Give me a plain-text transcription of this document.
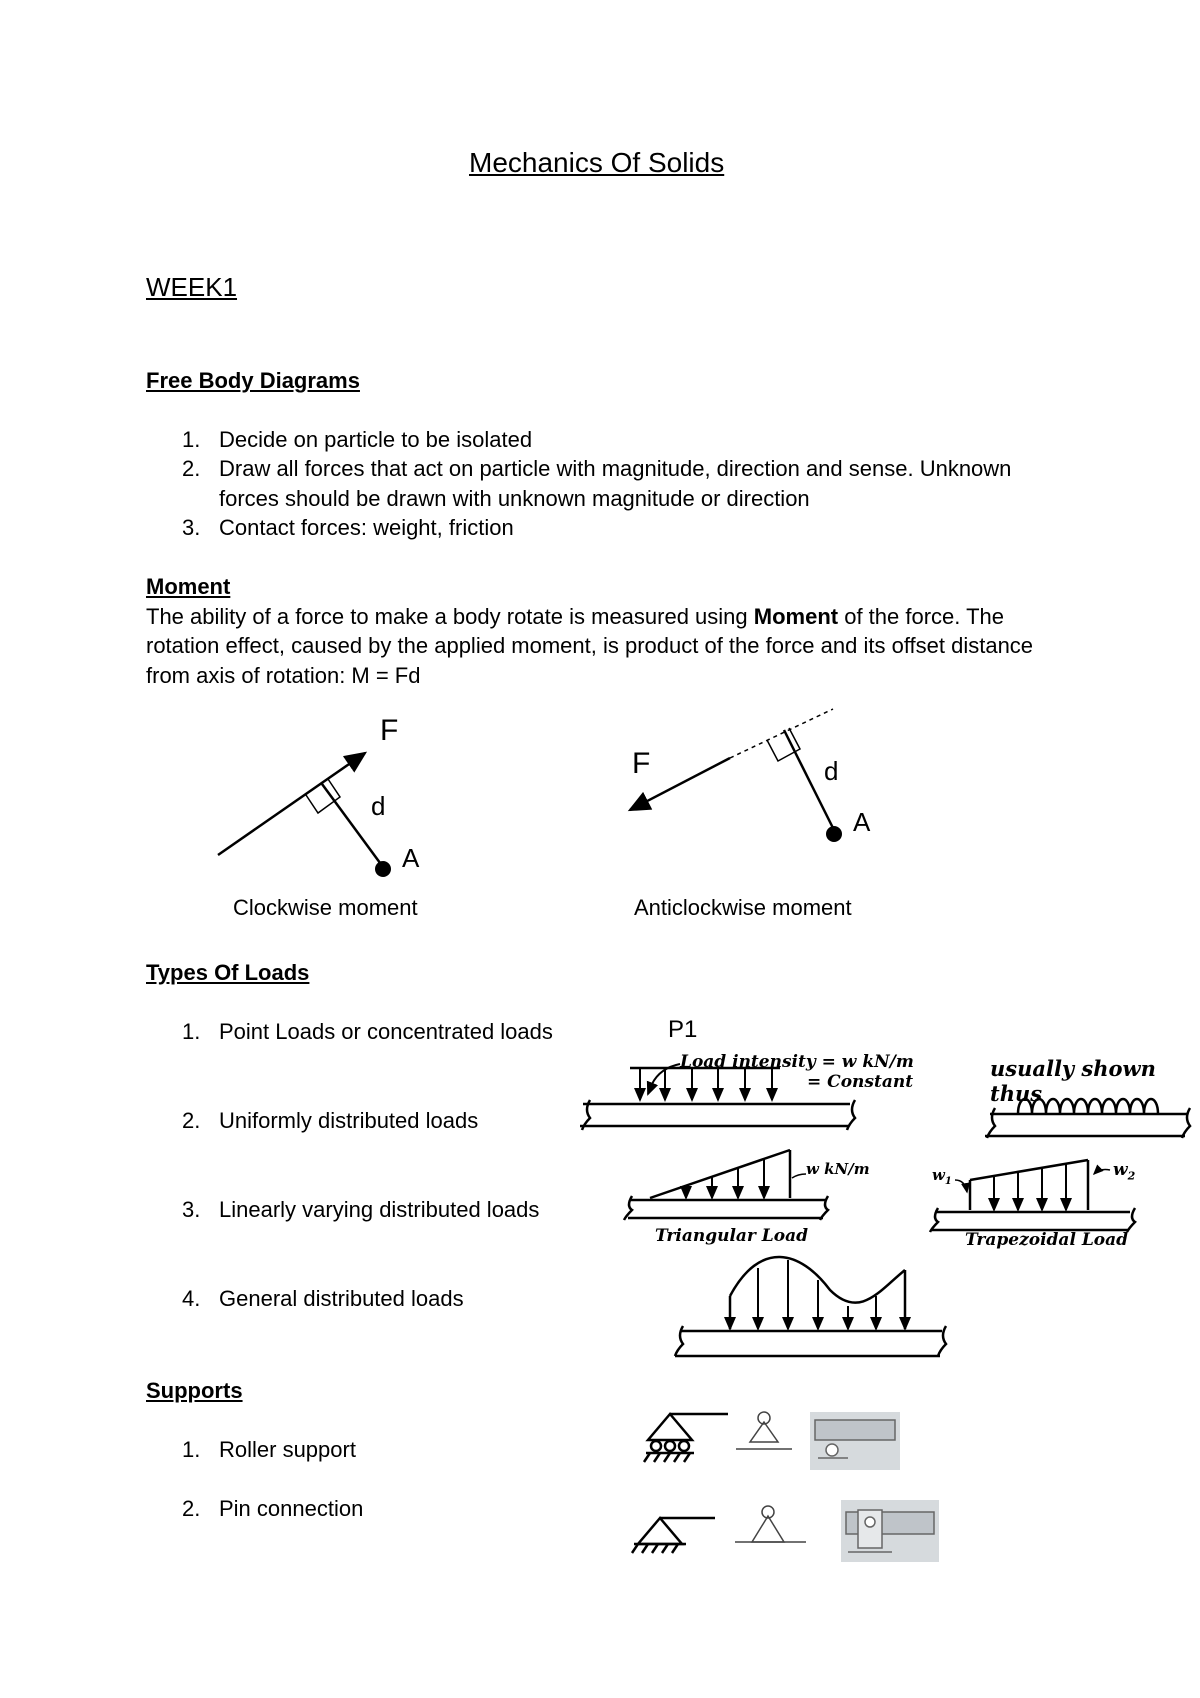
Mechanics Of Solids
WEEK1
Free Body Diagrams
1. Decide on particle to be isolated
2. Draw all forces that act on particle with magnitude, direction and sense. Unknown
forces should be drawn with unknown magnitude or direction
3. Contact forces: weight, friction
Moment
The ability of a force to make a body rotate is measured using Moment of the force. The
rotation effect, caused by the applied moment, is product of the force and its offset distance
from axis of rotation: M = Fd
F
d
A
Clockwise moment
F	d
A
Anticlockwise moment
Types Of Loads
1. Point Loads or concentrated loads
2. Uniformly distributed loads
3. Linearly varying distributed loads
4. General distributed loads
P1
Load intensity = w kN/m
= Constant
usually shown thus
w kN/m
Triangular Load
$w_1$
$w_2$
Trapezoidal Load
Supports
1. Roller support
2. Pin connection
